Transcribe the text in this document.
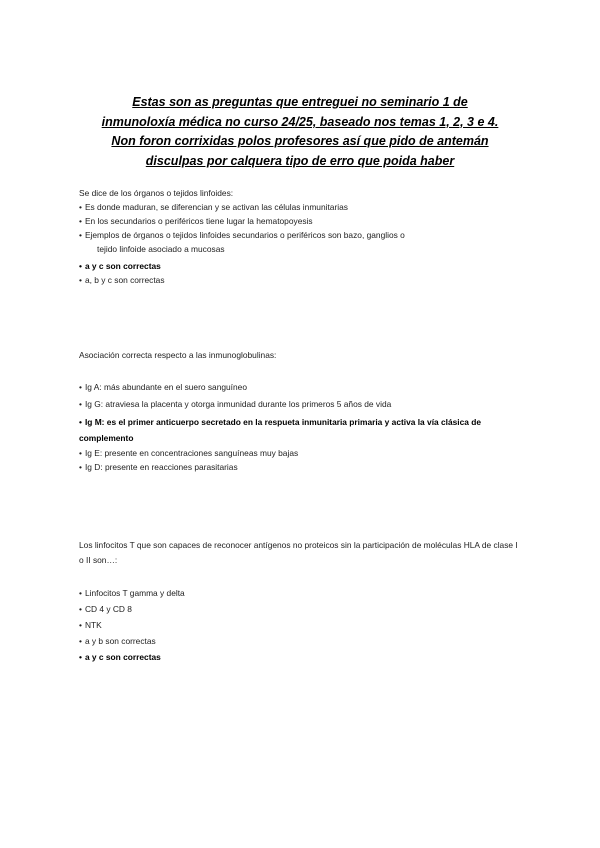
Estas son as preguntas que entreguei no seminario 1 de inmunoloxía médica no curso 24/25, baseado nos temas 1, 2, 3 e 4. Non foron corrixidas polos profesores así que pido de antemán disculpas por calquera tipo de erro que poida haber

Se dice de los órganos o tejidos linfoides:

• Es donde maduran, se diferencian y se activan las células inmunitarias

• En los secundarios o periféricos tiene lugar la hematopoyesis

• Ejemplos de órganos o tejidos linfoides secundarios o periféricos son bazo, ganglios o

tejido linfoide asociado a mucosas

• a y c son correctas

• a, b y c son correctas

Asociación correcta respecto a las inmunoglobulinas:

• Ig A: más abundante en el suero sanguíneo

• Ig G: atraviesa la placenta y otorga inmunidad durante los primeros 5 años de vida

• Ig M: es el primer anticuerpo secretado en la respueta inmunitaria primaria y activa la vía clásica de complemento

• Ig E: presente en concentraciones sanguíneas muy bajas

• Ig D: presente en reacciones parasitarias

Los linfocitos T que son capaces de reconocer antígenos no proteicos sin la participación de moléculas HLA de clase I o II son…:

• Linfocitos T gamma y delta

• CD 4 y CD 8

• NTK

• a y b son correctas

• a y c son correctas
